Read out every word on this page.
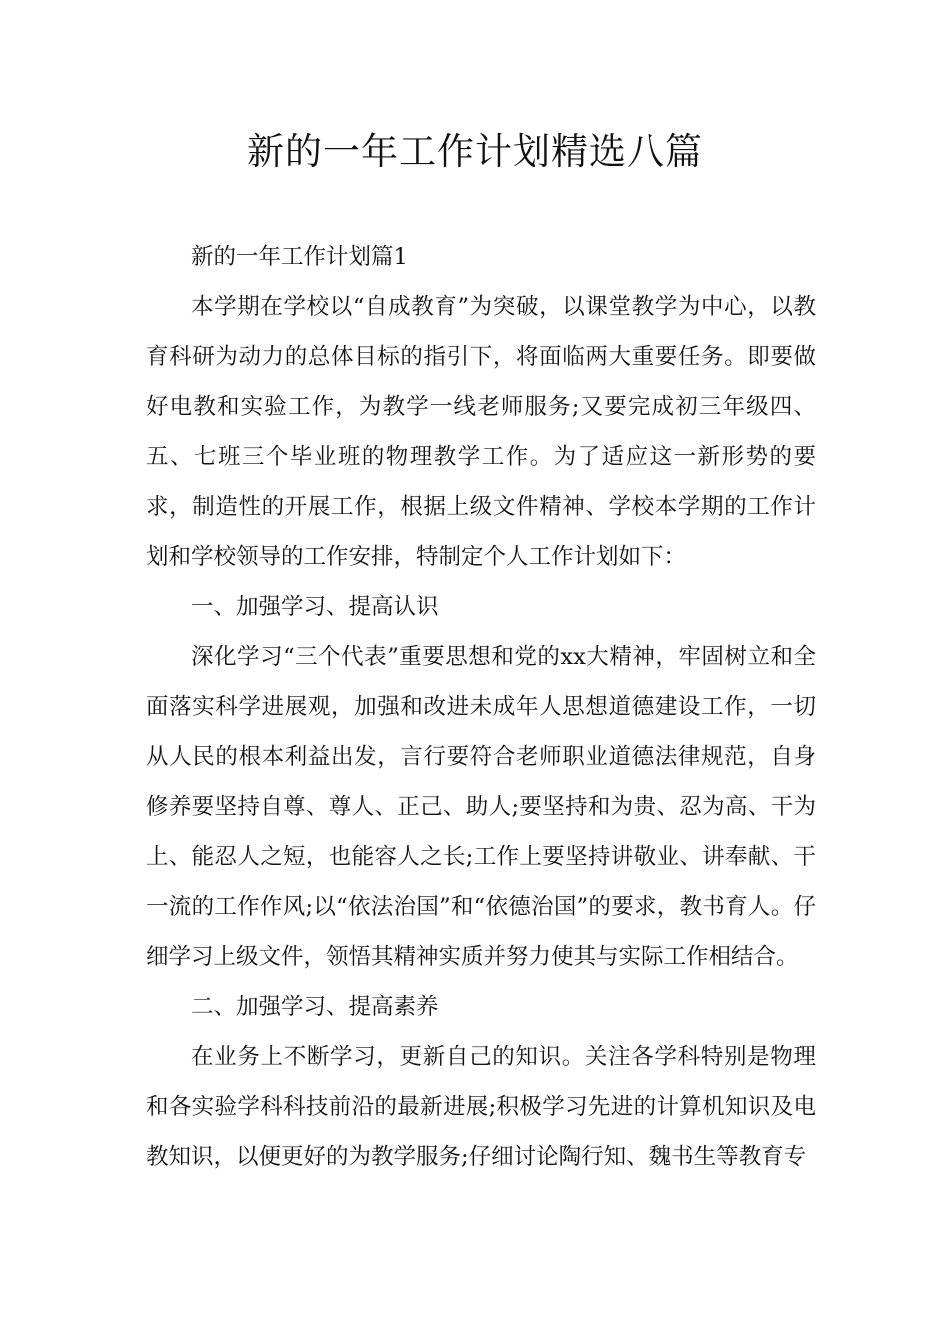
新的一年工作计划精选八篇

新的一年工作计划篇1

本学期在学校以“自成教育”为突破，以课堂教学为中心，以教育科研为动力的总体目标的指引下，将面临两大重要任务。即要做好电教和实验工作，为教学一线老师服务;又要完成初三年级四、五、七班三个毕业班的物理教学工作。为了适应这一新形势的要求，制造性的开展工作，根据上级文件精神、学校本学期的工作计划和学校领导的工作安排，特制定个人工作计划如下：

一、加强学习、提高认识

深化学习“三个代表”重要思想和党的xx大精神，牢固树立和全面落实科学进展观，加强和改进未成年人思想道德建设工作，一切从人民的根本利益出发，言行要符合老师职业道德法律规范，自身修养要坚持自尊、尊人、正己、助人;要坚持和为贵、忍为高、干为上、能忍人之短，也能容人之长;工作上要坚持讲敬业、讲奉献、干一流的工作作风;以“依法治国”和“依德治国”的要求，教书育人。仔细学习上级文件，领悟其精神实质并努力使其与实际工作相结合。

二、加强学习、提高素养

在业务上不断学习，更新自己的知识。关注各学科特别是物理和各实验学科科技前沿的最新进展;积极学习先进的计算机知识及电教知识，以便更好的为教学服务;仔细讨论陶行知、魏书生等教育专
